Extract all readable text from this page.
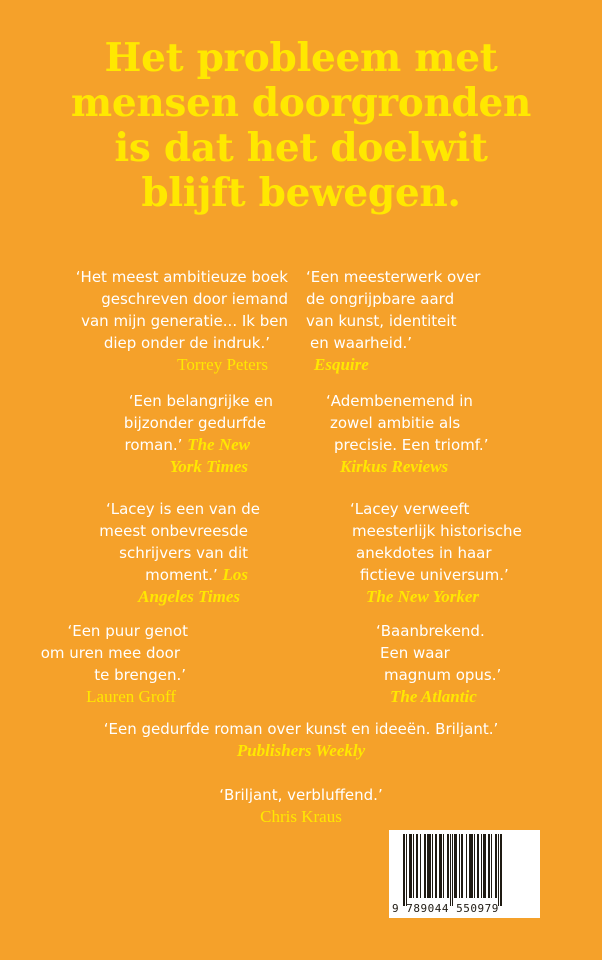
Het probleem met
mensen doorgronden
is dat het doelwit
blijft bewegen.
‘Het meest ambitieuze boek
geschreven door iemand
van mijn generatie... Ik ben
diep onder de indruk.’
Torrey Peters
‘Een meesterwerk over
de ongrijpbare aard
van kunst, identiteit
en waarheid.’
Esquire
‘Een belangrijke en
bijzonder gedurfde
roman.’ The New
York Times
‘Adembenemend in
zowel ambitie als
precisie. Een triomf.’
Kirkus Reviews
‘Lacey is een van de
meest onbevreesde
schrijvers van dit
moment.’ Los
Angeles Times
‘Lacey verweeft
meesterlijk historische
anekdotes in haar
fictieve universum.’
The New Yorker
‘Een puur genot
om uren mee door
te brengen.’
Lauren Groff
‘Baanbrekend.
Een waar
magnum opus.’
The Atlantic
‘Een gedurfde roman over kunst en ideeën. Briljant.’
Publishers Weekly
‘Briljant, verbluffend.’
Chris Kraus
9 789044 550979
